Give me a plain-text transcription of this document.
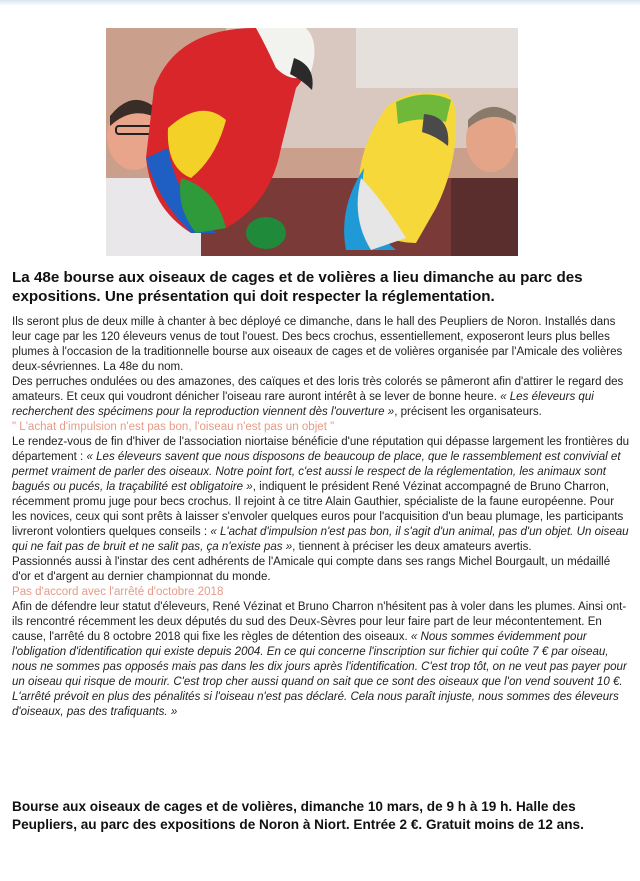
La 48e bourse aux oiseaux de cages et de volières a lieu dimanche au parc des expositions. Une présentation qui doit respecter la réglementation.

Ils seront plus de deux mille à chanter à bec déployé ce dimanche, dans le hall des Peupliers de Noron. Installés dans leur cage par les 120 éleveurs venus de tout l'ouest. Des becs crochus, essentiellement, exposeront leurs plus belles plumes à l'occasion de la traditionnelle bourse aux oiseaux de cages et de volières organisée par l'Amicale des volières deux-sévriennes. La 48e du nom.

Des perruches ondulées ou des amazones, des caïques et des loris très colorés se pâmeront afin d'attirer le regard des amateurs. Et ceux qui voudront dénicher l'oiseau rare auront intérêt à se lever de bonne heure. « Les éleveurs qui recherchent des spécimens pour la reproduction viennent dès l'ouverture », précisent les organisateurs.

" L'achat d'impulsion n'est pas bon, l'oiseau n'est pas un objet "

Le rendez-vous de fin d'hiver de l'association niortaise bénéficie d'une réputation qui dépasse largement les frontières du département : « Les éleveurs savent que nous disposons de beaucoup de place, que le rassemblement est convivial et permet vraiment de parler des oiseaux. Notre point fort, c'est aussi le respect de la réglementation, les animaux sont bagués ou pucés, la traçabilité est obligatoire », indiquent le président René Vézinat accompagné de Bruno Charron, récemment promu juge pour becs crochus. Il rejoint à ce titre Alain Gauthier, spécialiste de la faune européenne. Pour les novices, ceux qui sont prêts à laisser s'envoler quelques euros pour l'acquisition d'un beau plumage, les participants livreront volontiers quelques conseils : « L'achat d'impulsion n'est pas bon, il s'agit d'un animal, pas d'un objet. Un oiseau qui ne fait pas de bruit et ne salit pas, ça n'existe pas », tiennent à préciser les deux amateurs avertis.

Passionnés aussi à l'instar des cent adhérents de l'Amicale qui compte dans ses rangs Michel Bourgault, un médaillé d'or et d'argent au dernier championnat du monde.

Pas d'accord avec l'arrêté d'octobre 2018

Afin de défendre leur statut d'éleveurs, René Vézinat et Bruno Charron n'hésitent pas à voler dans les plumes. Ainsi ont-ils rencontré récemment les deux députés du sud des Deux-Sèvres pour leur faire part de leur mécontentement. En cause, l'arrêté du 8 octobre 2018 qui fixe les règles de détention des oiseaux. « Nous sommes évidemment pour l'obligation d'identification qui existe depuis 2004. En ce qui concerne l'inscription sur fichier qui coûte 7 € par oiseau, nous ne sommes pas opposés mais pas dans les dix jours après l'identification. C'est trop tôt, on ne veut pas payer pour un oiseau qui risque de mourir. C'est trop cher aussi quand on sait que ce sont des oiseaux que l'on vend souvent 10 €. L'arrêté prévoit en plus des pénalités si l'oiseau n'est pas déclaré. Cela nous paraît injuste, nous sommes des éleveurs d'oiseaux, pas des trafiquants. »

Bourse aux oiseaux de cages et de volières, dimanche 10 mars, de 9 h à 19 h. Halle des Peupliers, au parc des expositions de Noron à Niort. Entrée 2 €. Gratuit moins de 12 ans.
